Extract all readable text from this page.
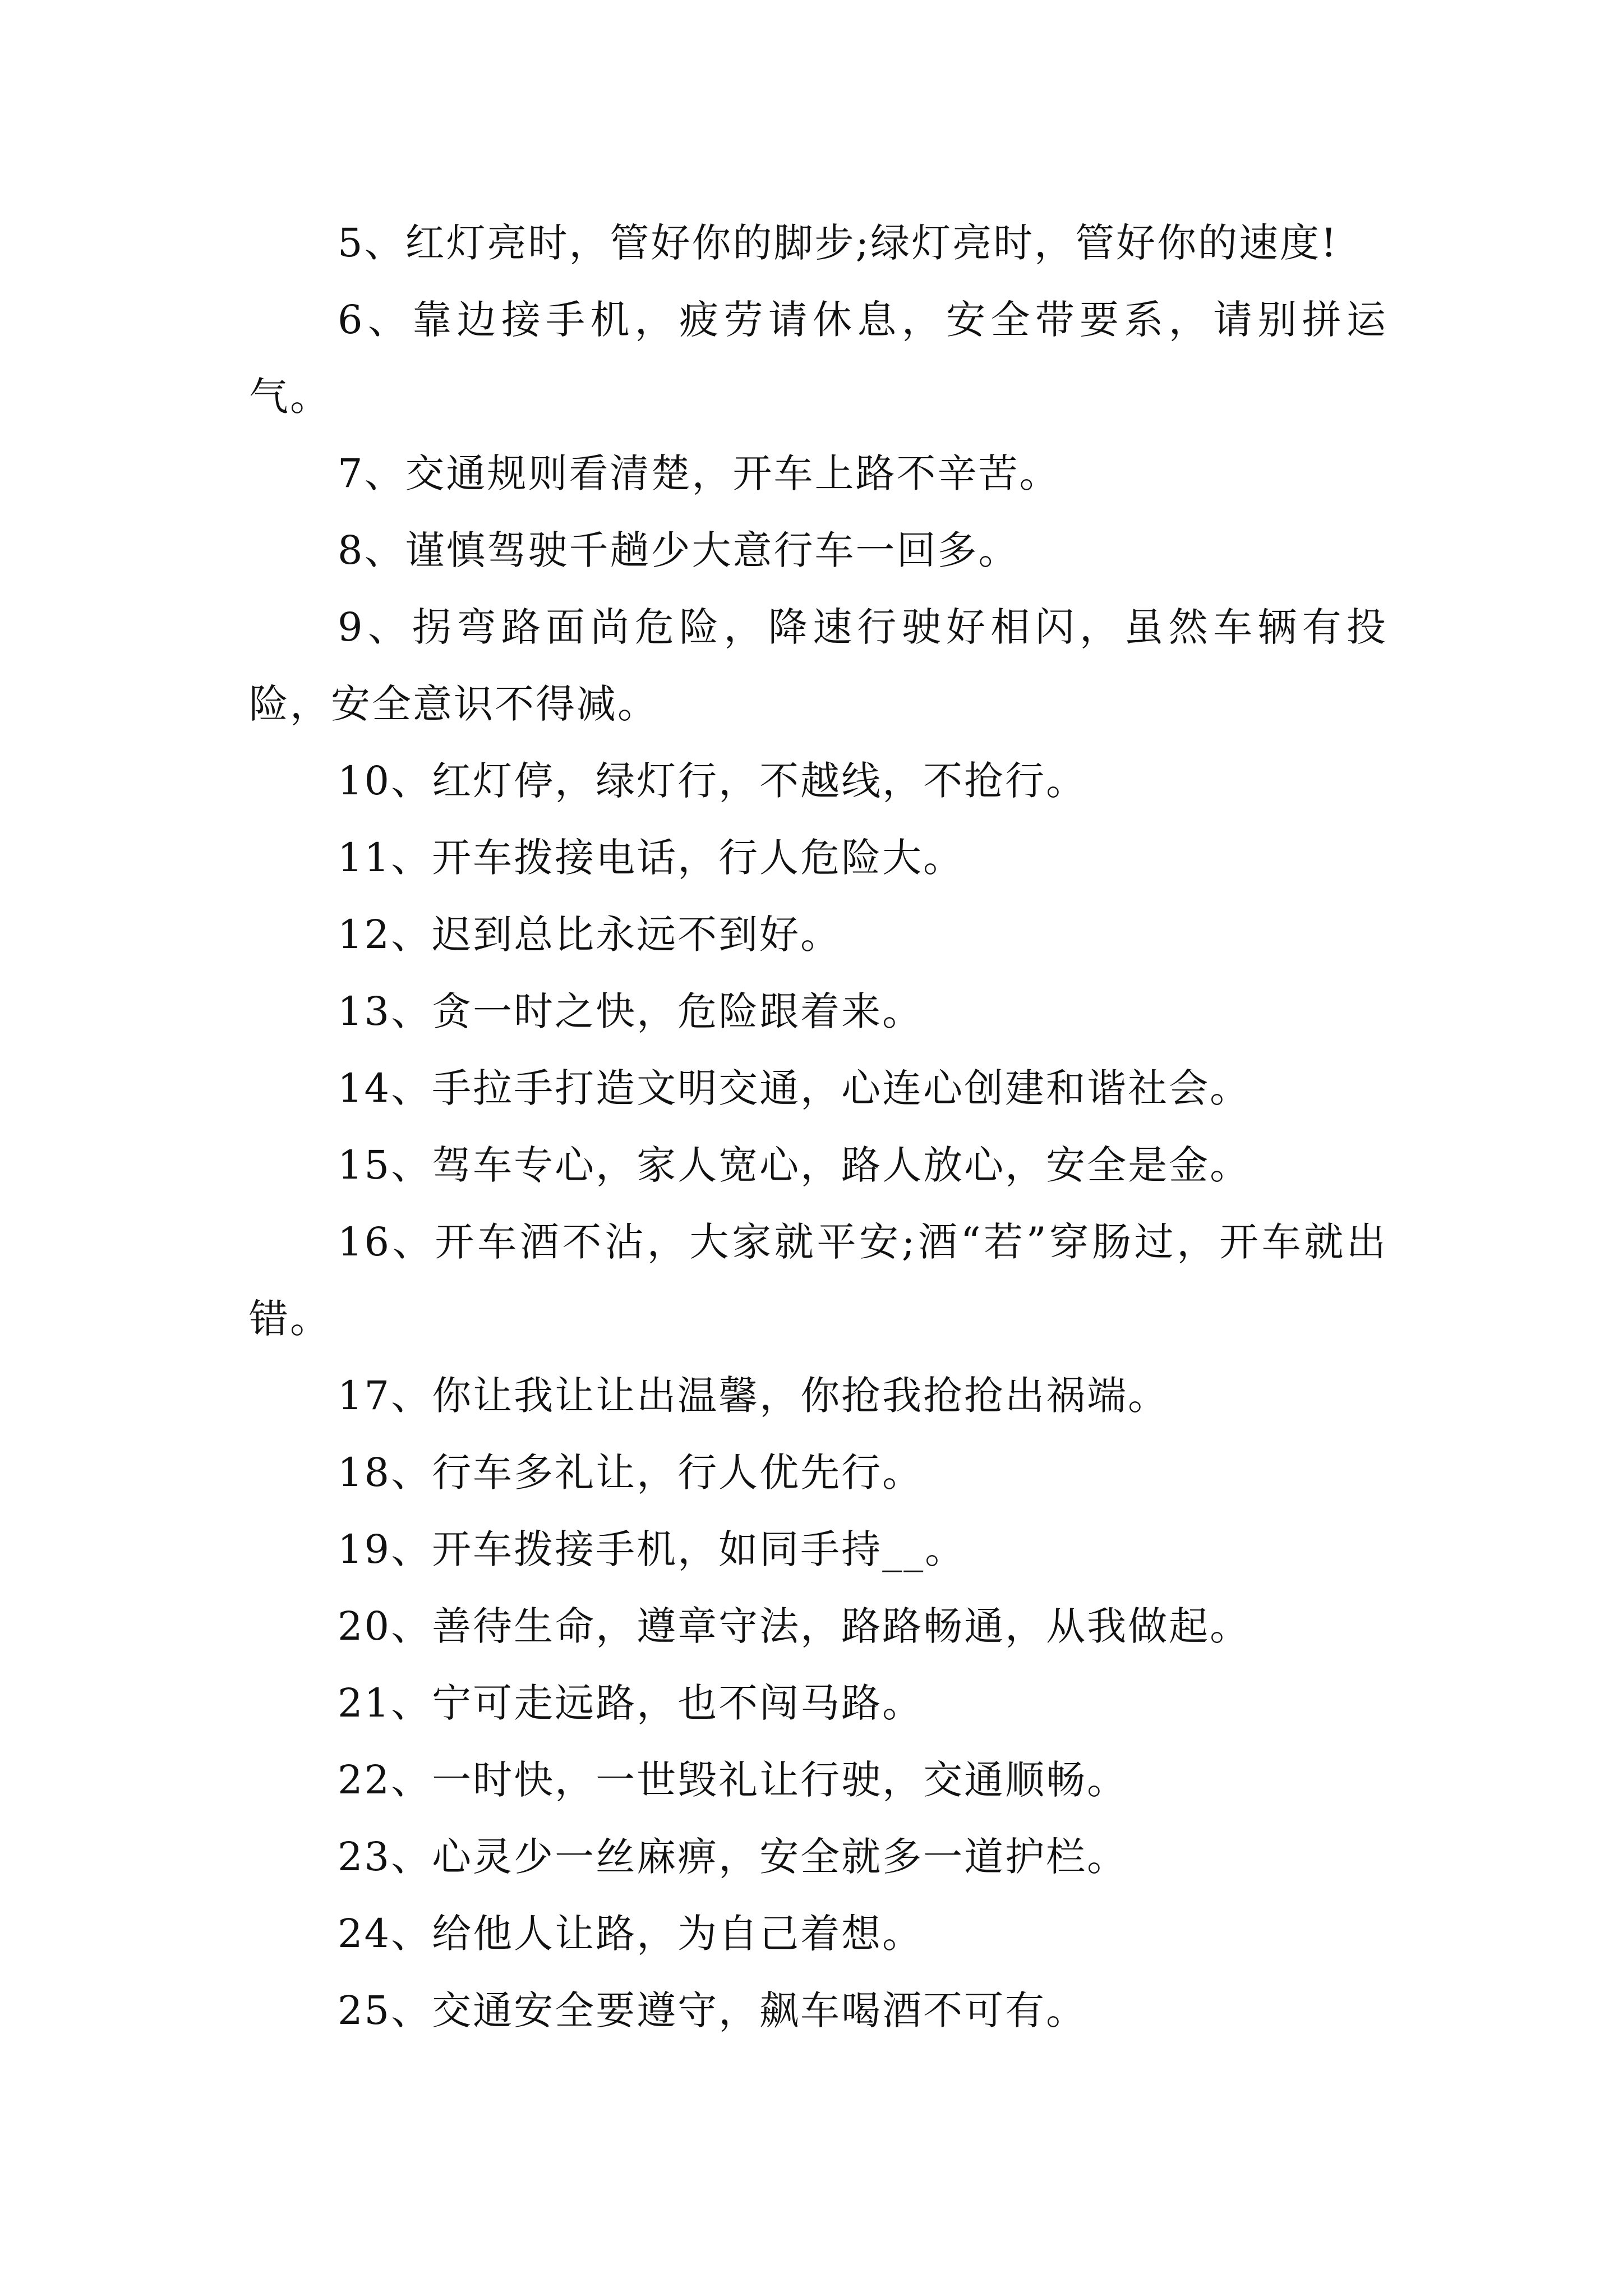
5、红灯亮时，管好你的脚步;绿灯亮时，管好你的速度!

6、靠边接手机，疲劳请休息，安全带要系，请别拼运气。

7、交通规则看清楚，开车上路不辛苦。

8、谨慎驾驶千趟少大意行车一回多。

9、拐弯路面尚危险，降速行驶好相闪，虽然车辆有投险，安全意识不得减。

10、红灯停，绿灯行，不越线，不抢行。

11、开车拨接电话，行人危险大。

12、迟到总比永远不到好。

13、贪一时之快，危险跟着来。

14、手拉手打造文明交通，心连心创建和谐社会。

15、驾车专心，家人宽心，路人放心，安全是金。

16、开车酒不沾，大家就平安;酒“若”穿肠过，开车就出错。

17、你让我让让出温馨，你抢我抢抢出祸端。

18、行车多礼让，行人优先行。

19、开车拨接手机，如同手持__。

20、善待生命，遵章守法，路路畅通，从我做起。

21、宁可走远路，也不闯马路。

22、一时快，一世毁礼让行驶，交通顺畅。

23、心灵少一丝麻痹，安全就多一道护栏。

24、给他人让路，为自己着想。

25、交通安全要遵守，飙车喝酒不可有。
